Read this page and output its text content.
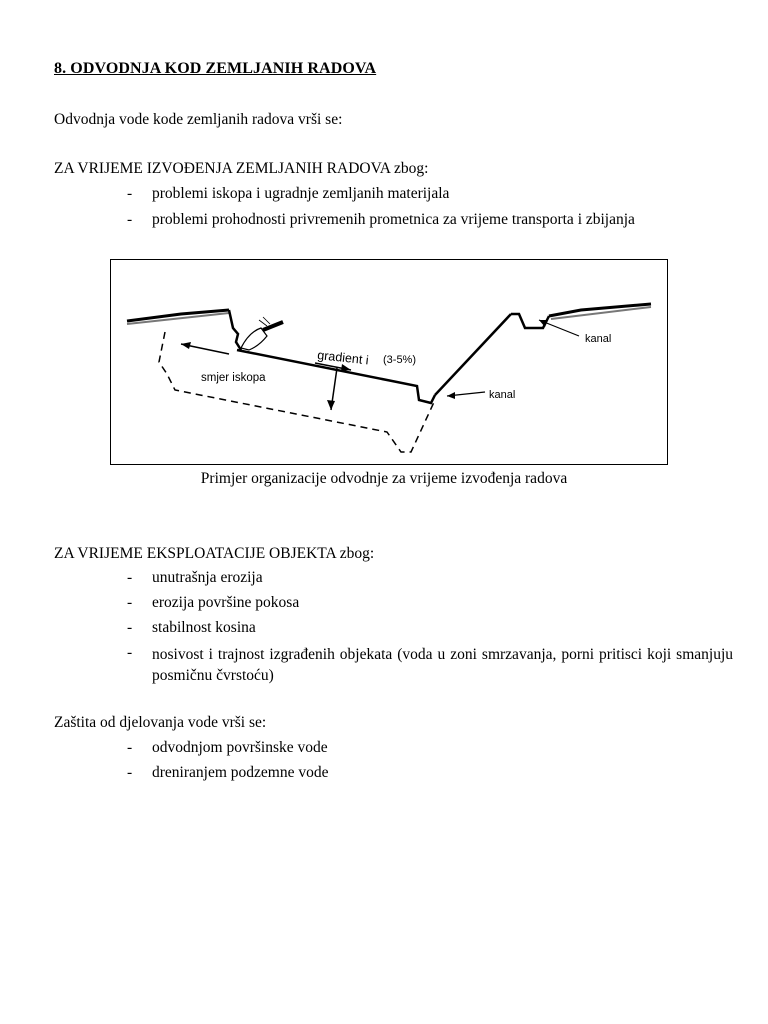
8. ODVODNJA KOD ZEMLJANIH RADOVA
Odvodnja vode kode zemljanih radova vrši se:
ZA VRIJEME IZVOĐENJA ZEMLJANIH RADOVA zbog:
- problemi iskopa i ugradnje zemljanih materijala
- problemi prohodnosti privremenih prometnica za vrijeme transporta i zbijanja
gradient i (3-5%)
smjer iskopa
kanal
kanal
Primjer organizacije odvodnje za vrijeme izvođenja radova
ZA VRIJEME EKSPLOATACIJE OBJEKTA zbog:
- unutrašnja erozija
- erozija površine pokosa
- stabilnost kosina
- nosivost i trajnost izgrađenih objekata (voda u zoni smrzavanja, porni pritisci koji smanjuju posmičnu čvrstoću)
Zaštita od djelovanja vode vrši se:
- odvodnjom površinske vode
- dreniranjem podzemne vode
